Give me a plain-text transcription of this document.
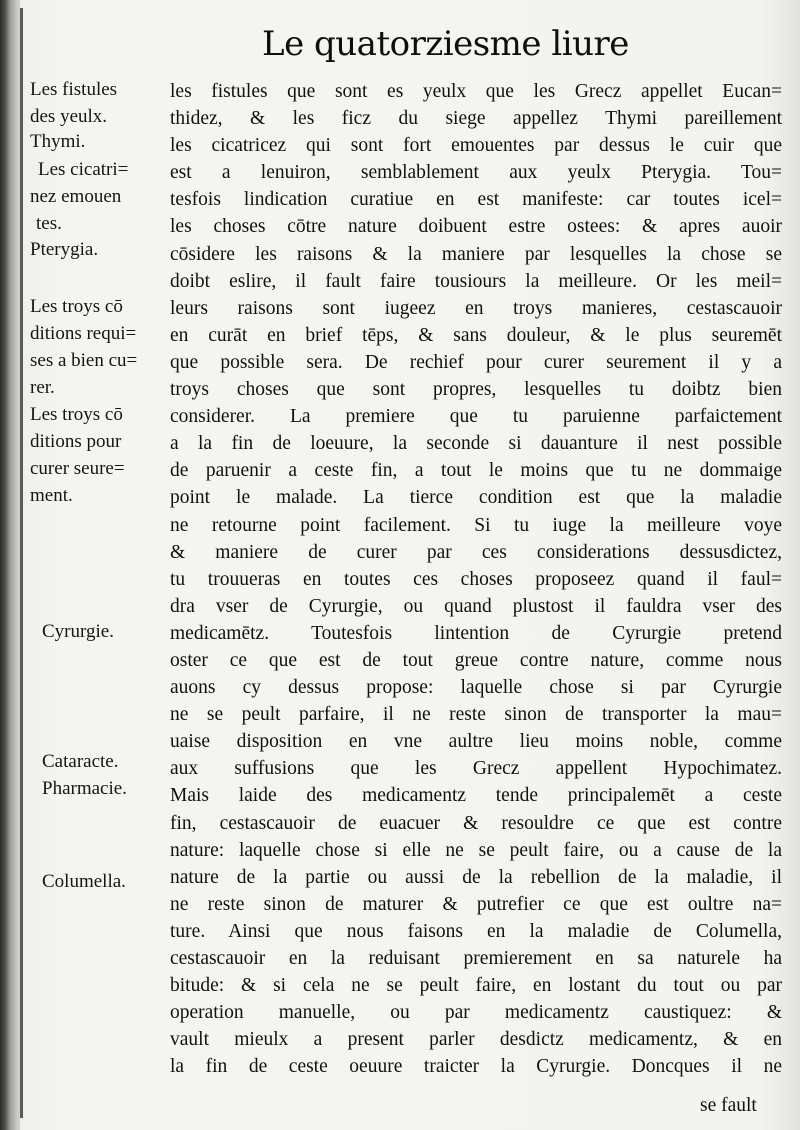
Le quatorziesme liure
Les fistules
des yeulx.
Thymi.
Les cicatri=
nez emouen
tes.
Pterygia.
Les troys cō
ditions requi=
ses a bien cu=
rer.
Les troys cō
ditions pour
curer seure=
ment.
Cyrurgie.
Cataracte.
Pharmacie.
Columella.
les fistules que sont es yeulx que les Grecz appellet Eucan=
thidez, & les ficz du siege appellez Thymi pareillement
les cicatricez qui sont fort emouentes par dessus le cuir que
est a lenuiron, semblablement aux yeulx Pterygia. Tou=
tesfois lindication curatiue en est manifeste: car toutes icel=
les choses cōtre nature doibuent estre ostees: & apres auoir
cōsidere les raisons & la maniere par lesquelles la chose se
doibt eslire, il fault faire tousiours la meilleure. Or les meil=
leurs raisons sont iugeez en troys manieres, cestascauoir
en curāt en brief tēps, & sans douleur, & le plus seuremēt
que possible sera. De rechief pour curer seurement il y a
troys choses que sont propres, lesquelles tu doibtz bien
considerer. La premiere que tu paruienne parfaictement
a la fin de loeuure, la seconde si dauanture il nest possible
de paruenir a ceste fin, a tout le moins que tu ne dommaige
point le malade. La tierce condition est que la maladie
ne retourne point facilement. Si tu iuge la meilleure voye
& maniere de curer par ces considerations dessusdictez,
tu trouueras en toutes ces choses proposeez quand il faul=
dra vser de Cyrurgie, ou quand plustost il fauldra vser des
medicamētz. Toutesfois lintention de Cyrurgie pretend
oster ce que est de tout greue contre nature, comme nous
auons cy dessus propose: laquelle chose si par Cyrurgie
ne se peult parfaire, il ne reste sinon de transporter la mau=
uaise disposition en vne aultre lieu moins noble, comme
aux suffusions que les Grecz appellent Hypochimatez.
Mais laide des medicamentz tende principalemēt a ceste
fin, cestascauoir de euacuer & resouldre ce que est contre
nature: laquelle chose si elle ne se peult faire, ou a cause de la
nature de la partie ou aussi de la rebellion de la maladie, il
ne reste sinon de maturer & putrefier ce que est oultre na=
ture. Ainsi que nous faisons en la maladie de Columella,
cestascauoir en la reduisant premierement en sa naturele ha
bitude: & si cela ne se peult faire, en lostant du tout ou par
operation manuelle, ou par medicamentz caustiquez: &
vault mieulx a present parler desdictz medicamentz, & en
la fin de ceste oeuure traicter la Cyrurgie. Doncques il ne
se fault
